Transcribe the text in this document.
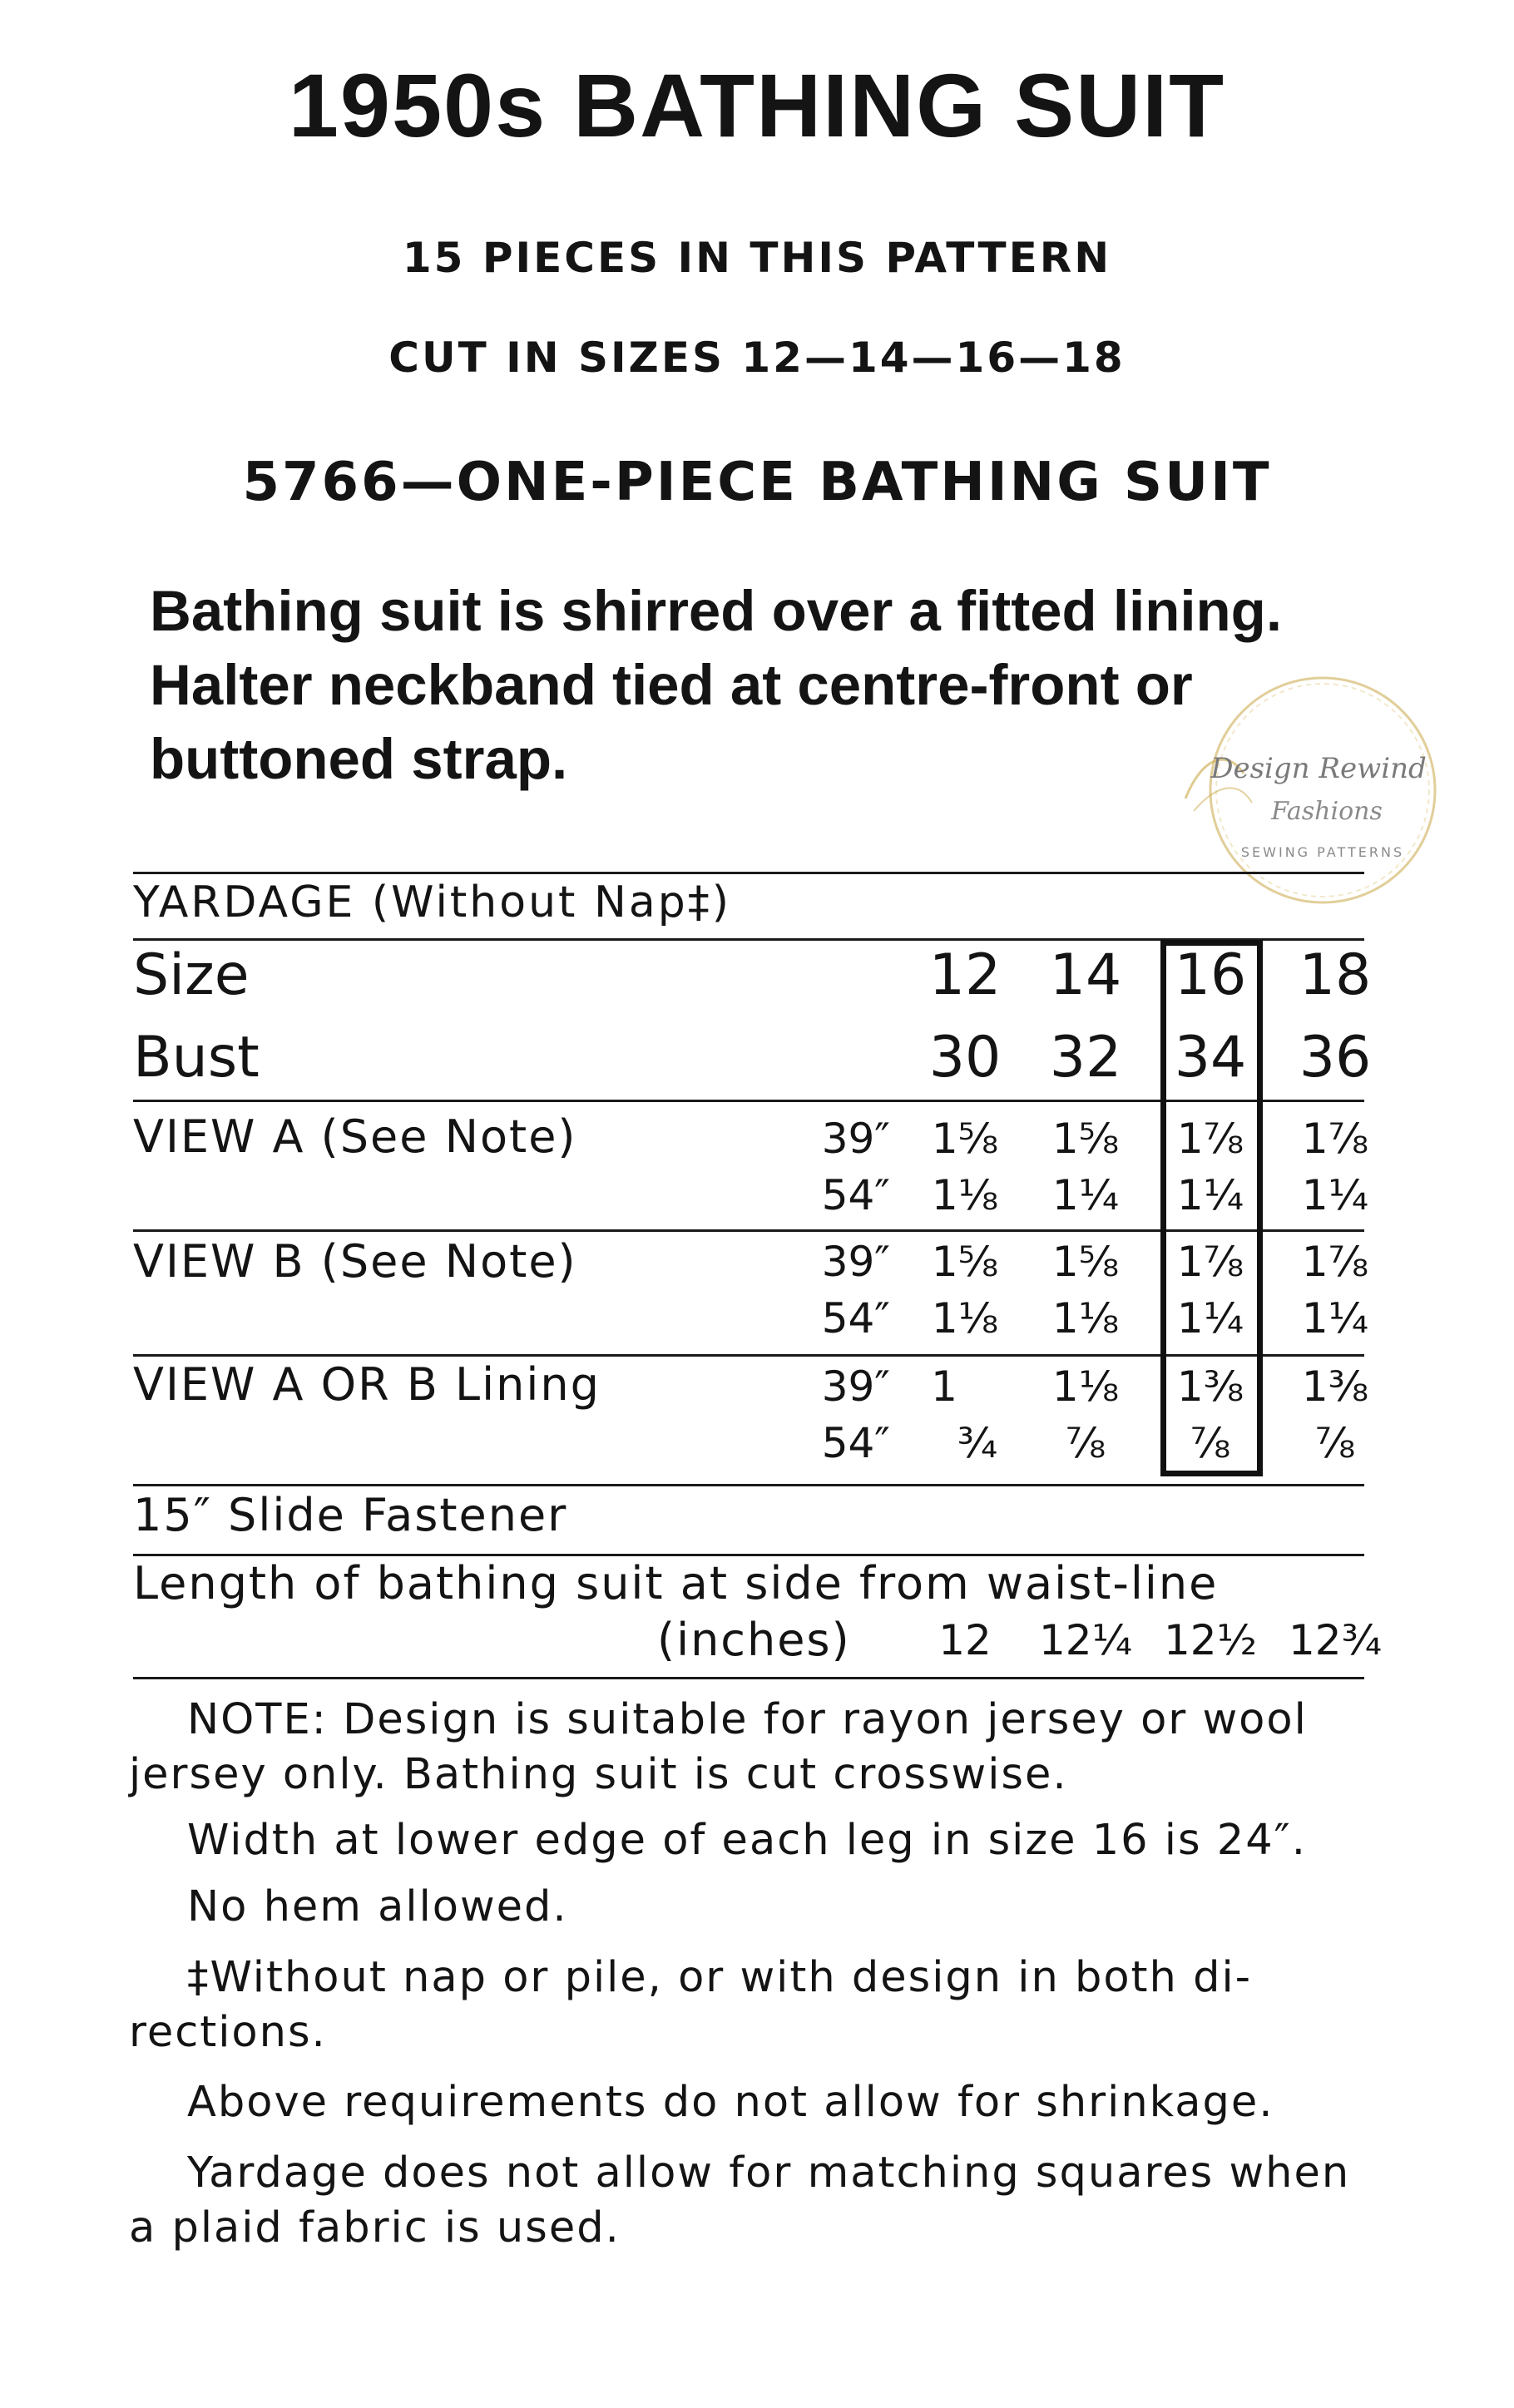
1950s BATHING SUIT
15 PIECES IN THIS PATTERN
CUT IN SIZES 12—14—16—18
5766—ONE-PIECE BATHING SUIT
Bathing suit is shirred over a fitted lining.
Halter neckband tied at centre-front or
buttoned strap.	Design Rewind
Fashions
SEWING PATTERNS
YARDAGE (Without Nap‡)
Size	12 14 16 18
Bust	30 32 34 36
VIEW A (See Note)	39″ 1⅝	1⅝	1⅞	1⅞
54″ 1⅛	1¼	1¼	1¼
VIEW B (See Note)	39″ 1⅝	1⅝	1⅞	1⅞
54″ 1⅛	1⅛	1¼	1¼
VIEW A OR B Lining	39″ 1	1⅛	1⅜	1⅜
54″	¾	⅞	⅞	⅞
15″ Slide Fastener
Length of bathing suit at side from waist-line
(inches)	12	12¼ 12½ 12¾
NOTE: Design is suitable for rayon jersey or wool
jersey only. Bathing suit is cut crosswise.
Width at lower edge of each leg in size 16 is 24″.
No hem allowed.
‡Without nap or pile, or with design in both di-
rections.
Above requirements do not allow for shrinkage.
Yardage does not allow for matching squares when
a plaid fabric is used.
